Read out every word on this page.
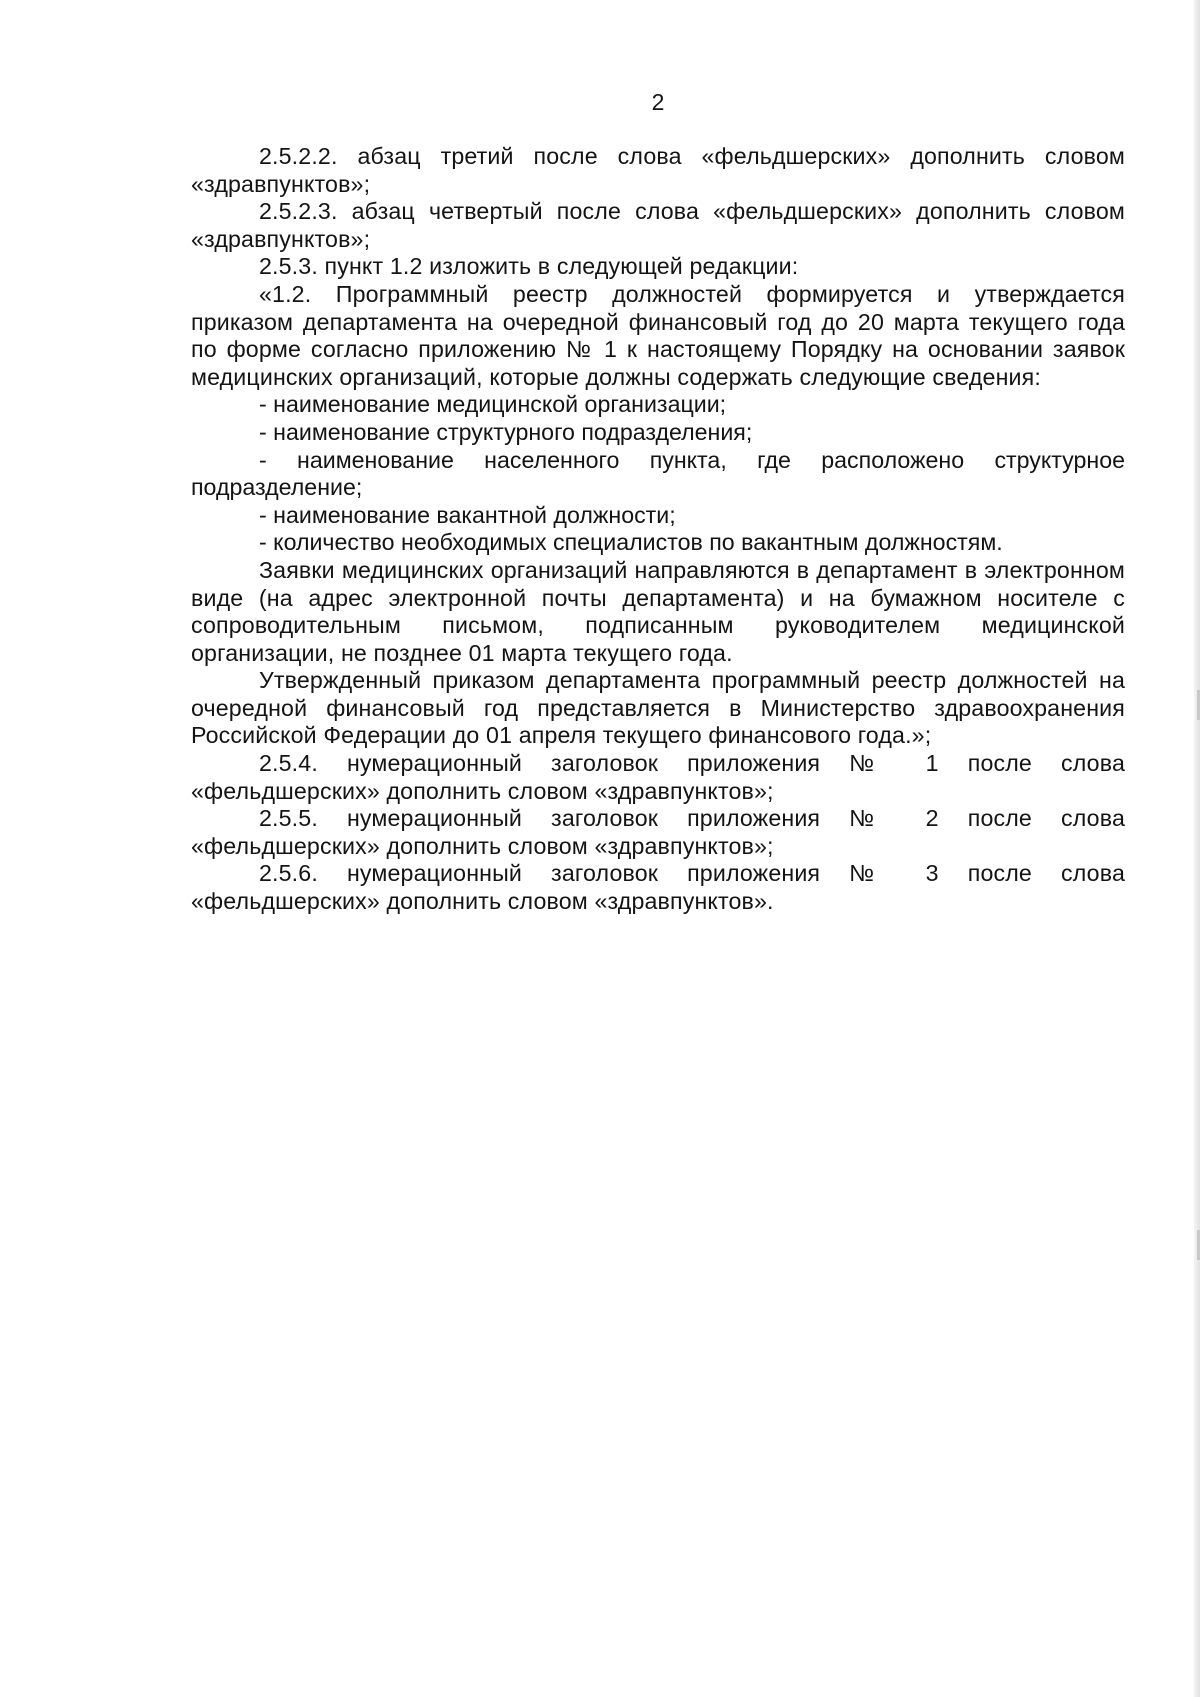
2

2.5.2.2. абзац третий после слова «фельдшерских» дополнить словом «здравпунктов»;

2.5.2.3. абзац четвертый после слова «фельдшерских» дополнить словом «здравпунктов»;

2.5.3. пункт 1.2 изложить в следующей редакции:

«1.2. Программный реестр должностей формируется и утверждается приказом департамента на очередной финансовый год до 20 марта текущего года по форме согласно приложению № 1 к настоящему Порядку на основании заявок медицинских организаций, которые должны содержать следующие сведения:

- наименование медицинской организации;

- наименование структурного подразделения;

- наименование населенного пункта, где расположено структурное подразделение;

- наименование вакантной должности;

- количество необходимых специалистов по вакантным должностям.

Заявки медицинских организаций направляются в департамент в электронном виде (на адрес электронной почты департамента) и на бумажном носителе с сопроводительным письмом, подписанным руководителем медицинской организации, не позднее 01 марта текущего года.

Утвержденный приказом департамента программный реестр должностей на очередной финансовый год представляется в Министерство здравоохранения Российской Федерации до 01 апреля текущего финансового года.»;

2.5.4. нумерационный заголовок приложения № 1 после слова «фельдшерских» дополнить словом «здравпунктов»;

2.5.5. нумерационный заголовок приложения № 2 после слова «фельдшерских» дополнить словом «здравпунктов»;

2.5.6. нумерационный заголовок приложения № 3 после слова «фельдшерских» дополнить словом «здравпунктов».
